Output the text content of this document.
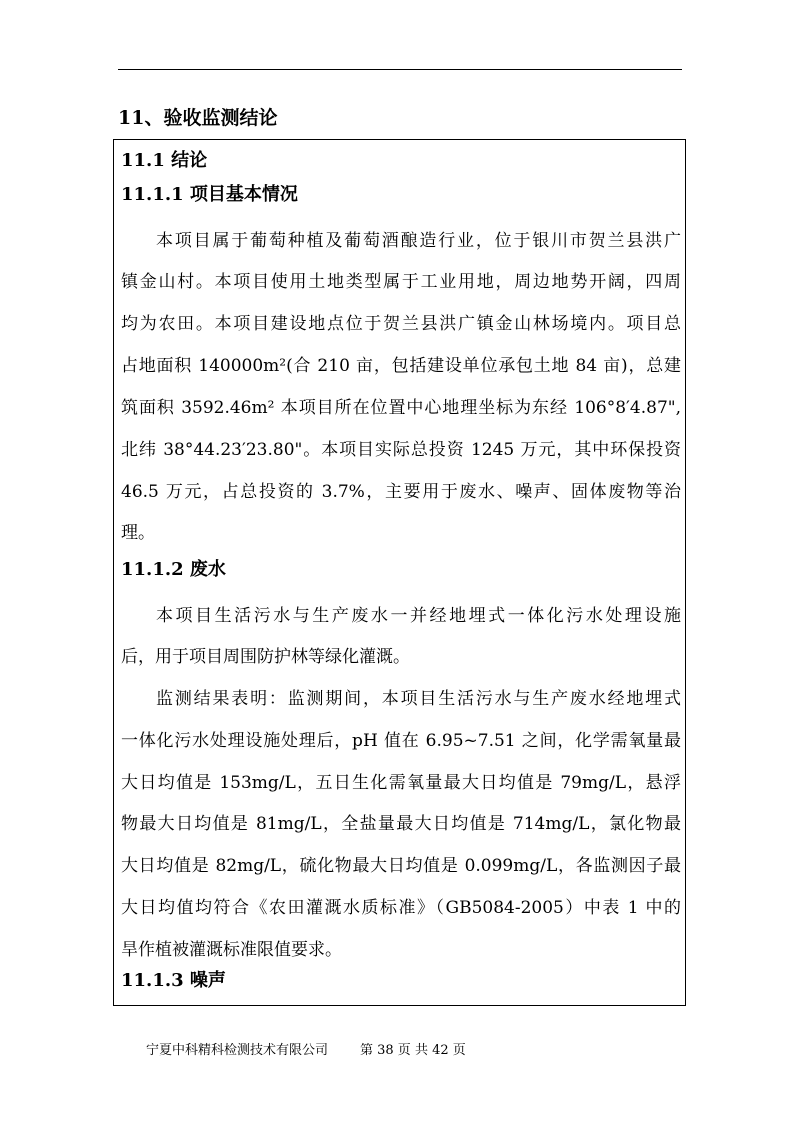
11、验收监测结论
11.1 结论
11.1.1 项目基本情况
本项目属于葡萄种植及葡萄酒酿造行业，位于银川市贺兰县洪广
镇金山村。本项目使用土地类型属于工业用地，周边地势开阔，四周
均为农田。本项目建设地点位于贺兰县洪广镇金山林场境内。项目总
占地面积 140000m²(合 210 亩，包括建设单位承包土地 84 亩)，总建
筑面积 3592.46m² 本项目所在位置中心地理坐标为东经 106°8′4.87",
北纬 38°44.23′23.80"。本项目实际总投资 1245 万元，其中环保投资
46.5 万元，占总投资的 3.7%，主要用于废水、噪声、固体废物等治
理。
11.1.2 废水
本项目生活污水与生产废水一并经地埋式一体化污水处理设施
后，用于项目周围防护林等绿化灌溉。
监测结果表明：监测期间，本项目生活污水与生产废水经地埋式
一体化污水处理设施处理后，pH 值在 6.95~7.51 之间，化学需氧量最
大日均值是 153mg/L，五日生化需氧量最大日均值是 79mg/L，悬浮
物最大日均值是 81mg/L，全盐量最大日均值是 714mg/L，氯化物最
大日均值是 82mg/L，硫化物最大日均值是 0.099mg/L，各监测因子最
大日均值均符合《农田灌溉水质标准》（GB5084-2005）中表 1 中的
旱作植被灌溉标准限值要求。
11.1.3 噪声
宁夏中科精科检测技术有限公司 第 38 页 共 42 页
